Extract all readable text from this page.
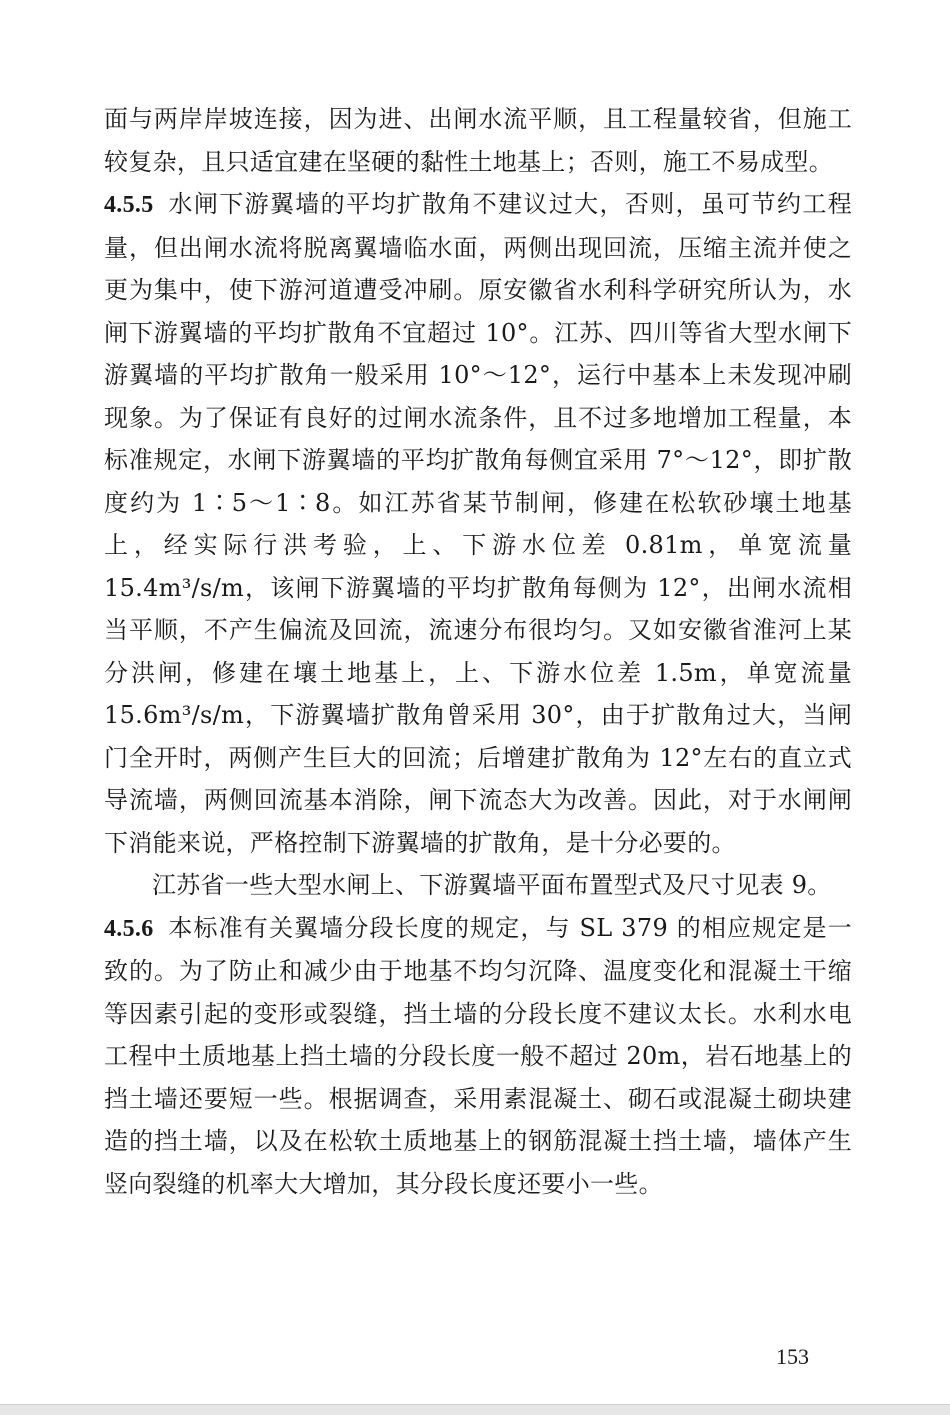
面与两岸岸坡连接，因为进、出闸水流平顺，且工程量较省，但施工较复杂，且只适宜建在坚硬的黏性土地基上；否则，施工不易成型。

4.5.5 水闸下游翼墙的平均扩散角不建议过大，否则，虽可节约工程量，但出闸水流将脱离翼墙临水面，两侧出现回流，压缩主流并使之更为集中，使下游河道遭受冲刷。原安徽省水利科学研究所认为，水闸下游翼墙的平均扩散角不宜超过 10°。江苏、四川等省大型水闸下游翼墙的平均扩散角一般采用 10°～12°，运行中基本上未发现冲刷现象。为了保证有良好的过闸水流条件，且不过多地增加工程量，本标准规定，水闸下游翼墙的平均扩散角每侧宜采用 7°～12°，即扩散度约为 1∶5～1∶8。如江苏省某节制闸，修建在松软砂壤土地基上，经实际行洪考验，上、下游水位差 0.81m，单宽流量 15.4m³/s/m，该闸下游翼墙的平均扩散角每侧为 12°，出闸水流相当平顺，不产生偏流及回流，流速分布很均匀。又如安徽省淮河上某分洪闸，修建在壤土地基上，上、下游水位差 1.5m，单宽流量 15.6m³/s/m，下游翼墙扩散角曾采用 30°，由于扩散角过大，当闸门全开时，两侧产生巨大的回流；后增建扩散角为 12°左右的直立式导流墙，两侧回流基本消除，闸下流态大为改善。因此，对于水闸闸下消能来说，严格控制下游翼墙的扩散角，是十分必要的。

江苏省一些大型水闸上、下游翼墙平面布置型式及尺寸见表 9。

4.5.6 本标准有关翼墙分段长度的规定，与 SL 379 的相应规定是一致的。为了防止和减少由于地基不均匀沉降、温度变化和混凝土干缩等因素引起的变形或裂缝，挡土墙的分段长度不建议太长。水利水电工程中土质地基上挡土墙的分段长度一般不超过 20m，岩石地基上的挡土墙还要短一些。根据调查，采用素混凝土、砌石或混凝土砌块建造的挡土墙，以及在松软土质地基上的钢筋混凝土挡土墙，墙体产生竖向裂缝的机率大大增加，其分段长度还要小一些。

153
